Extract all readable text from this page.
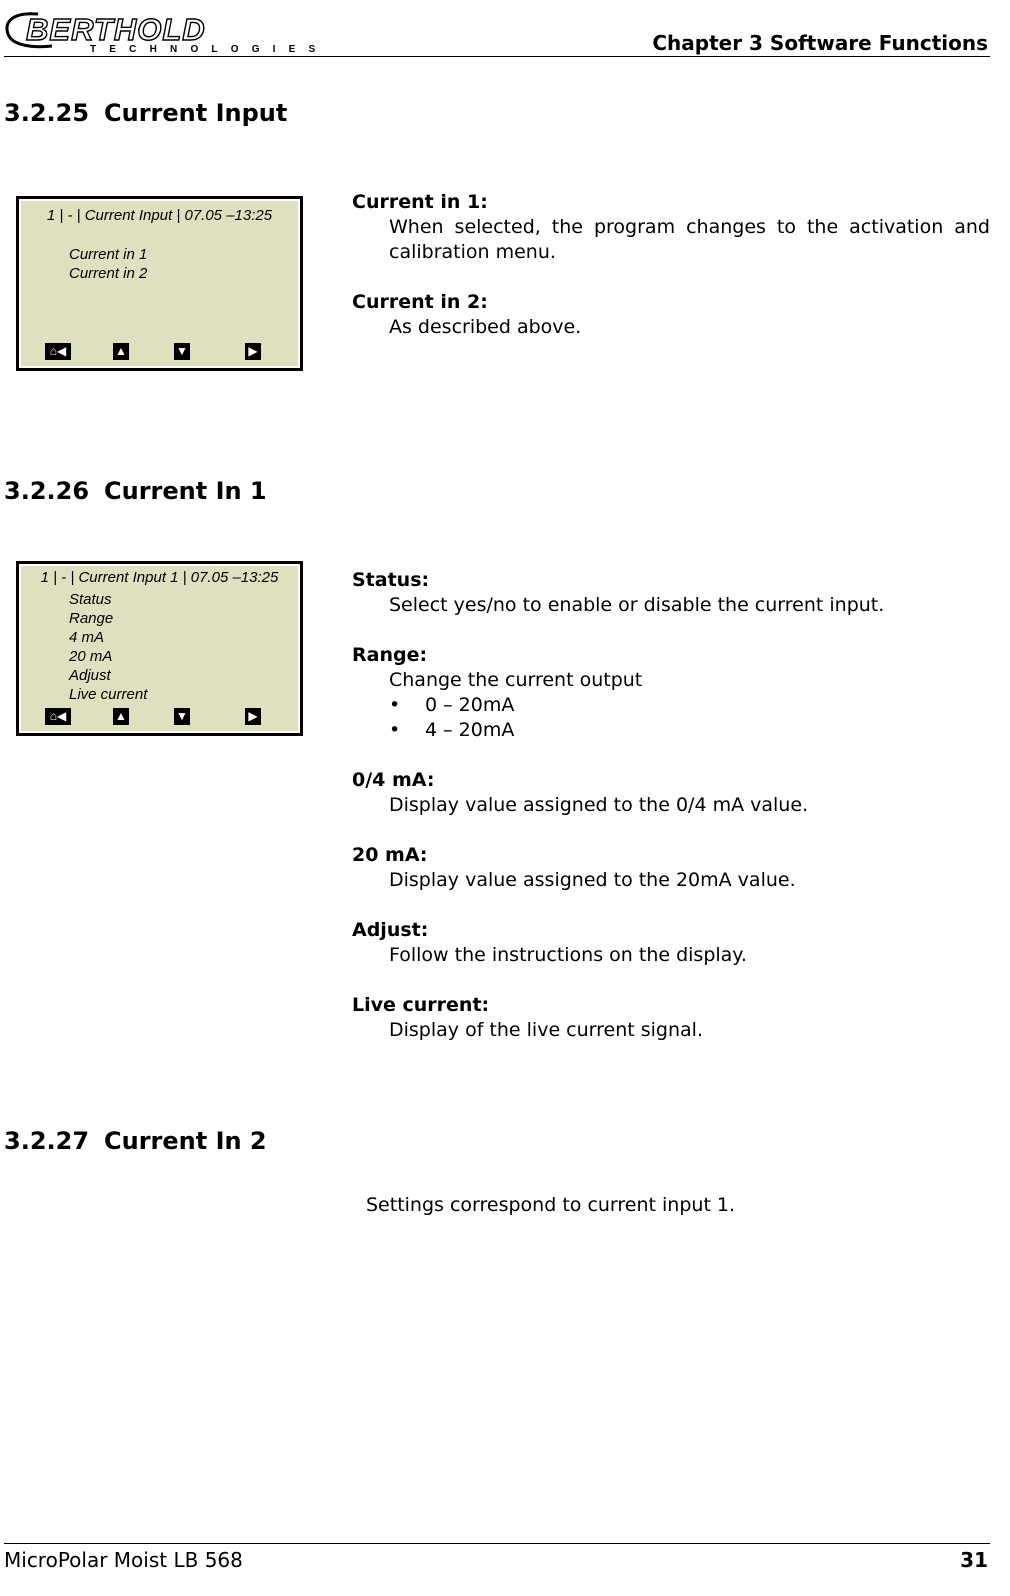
BERTHOLD
TECHNOLOGIES	Chapter 3 Software Functions
3.2.25 Current Input
1 | - | Current Input | 07.05 –13:25
Current in 1
Current in 2
⌂◀	▲	▼	▶
Current in 1:
When selected, the program changes to the activation and calibration menu.
Current in 2:
As described above.
3.2.26 Current In 1
1 | - | Current Input 1 | 07.05 –13:25
Status
Range
4 mA
20 mA
Adjust
Live current
⌂◀	▲	▼	▶
Status:
Select yes/no to enable or disable the current input.
Range:
Change the current output
• 0 – 20mA
• 4 – 20mA
0/4 mA:
Display value assigned to the 0/4 mA value.
20 mA:
Display value assigned to the 20mA value.
Adjust:
Follow the instructions on the display.
Live current:
Display of the live current signal.
3.2.27 Current In 2
Settings correspond to current input 1.
MicroPolar Moist LB 568	31
